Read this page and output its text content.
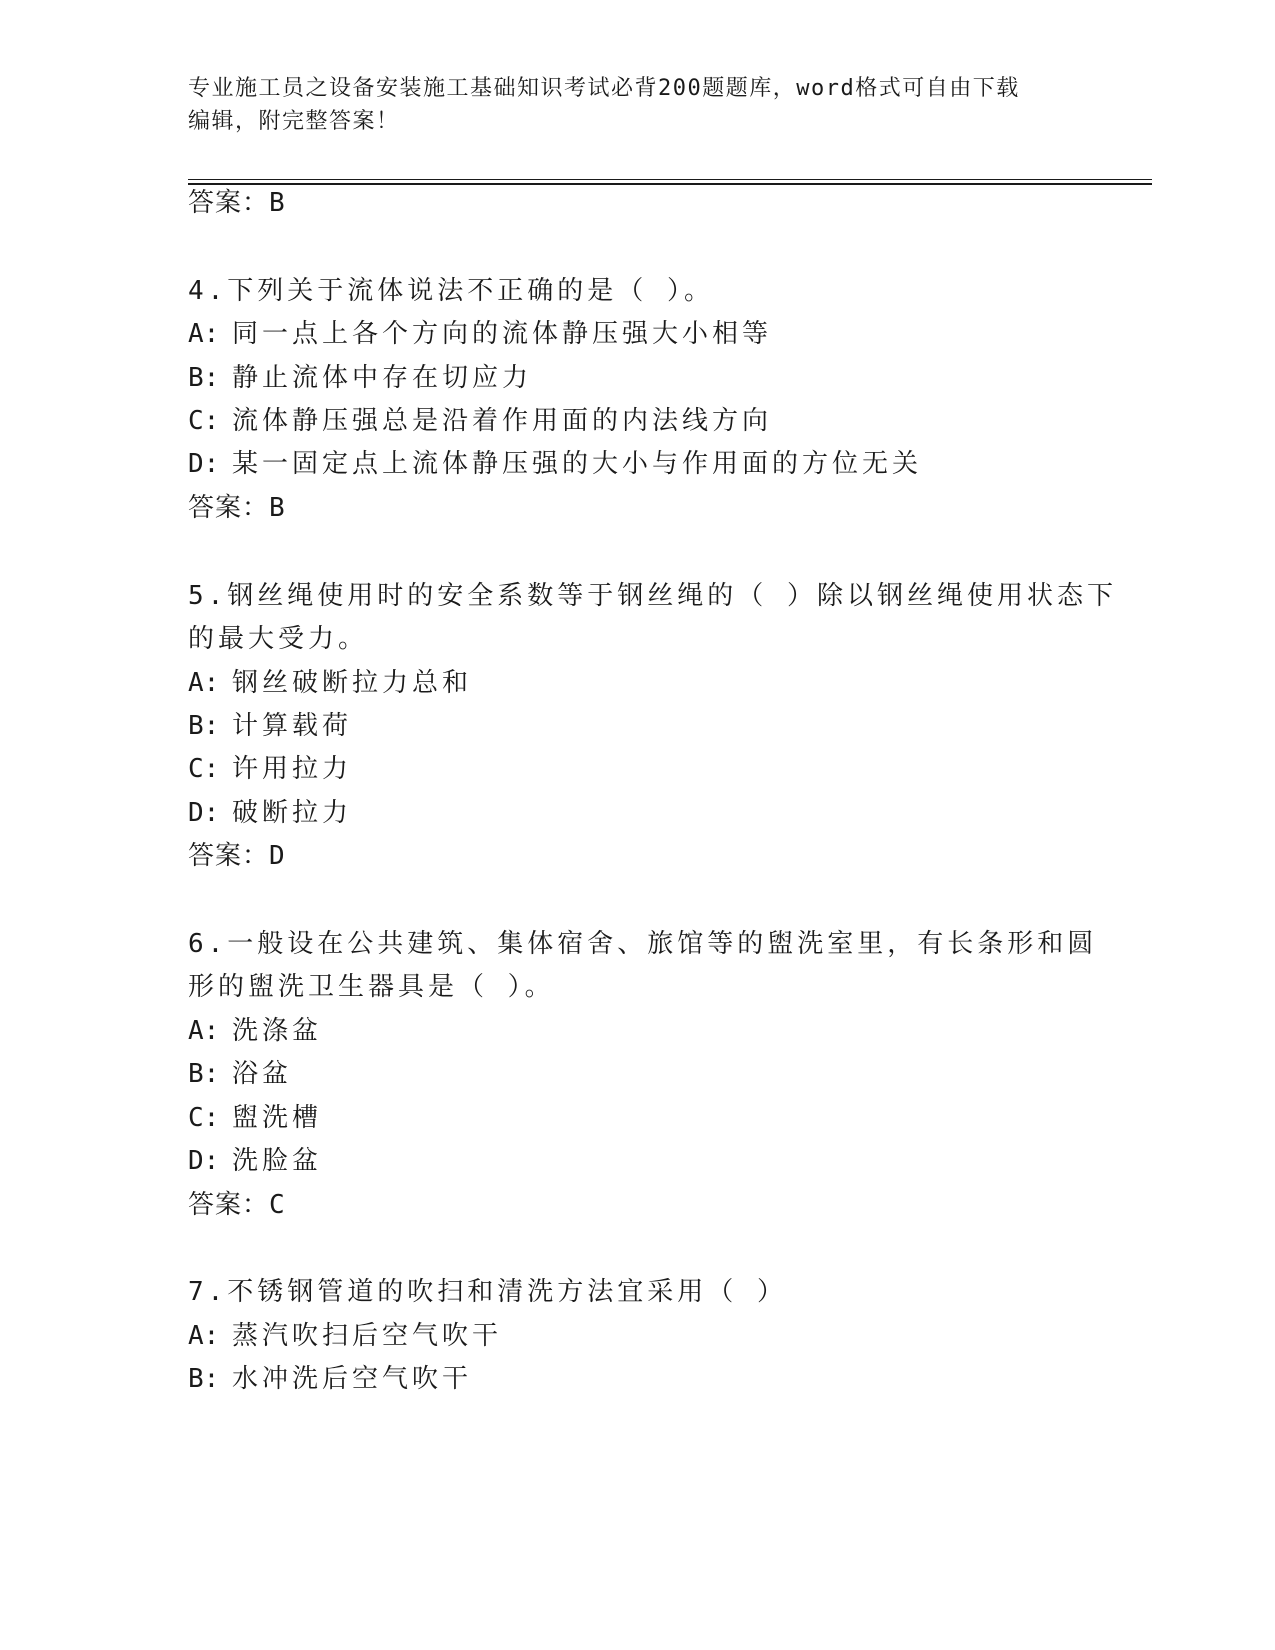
专业施工员之设备安装施工基础知识考试必背200题题库，word格式可自由下载
编辑，附完整答案！
答案：B
4.下列关于流体说法不正确的是（ ）。
A: 同一点上各个方向的流体静压强大小相等
B: 静止流体中存在切应力
C: 流体静压强总是沿着作用面的内法线方向
D: 某一固定点上流体静压强的大小与作用面的方位无关
答案：B
5.钢丝绳使用时的安全系数等于钢丝绳的（ ）除以钢丝绳使用状态下
的最大受力。
A: 钢丝破断拉力总和
B: 计算载荷
C: 许用拉力
D: 破断拉力
答案：D
6.一般设在公共建筑、集体宿舍、旅馆等的盥洗室里，有长条形和圆
形的盥洗卫生器具是（ ）。
A: 洗涤盆
B: 浴盆
C: 盥洗槽
D: 洗脸盆
答案：C
7.不锈钢管道的吹扫和清洗方法宜采用（ ）
A: 蒸汽吹扫后空气吹干
B: 水冲洗后空气吹干
